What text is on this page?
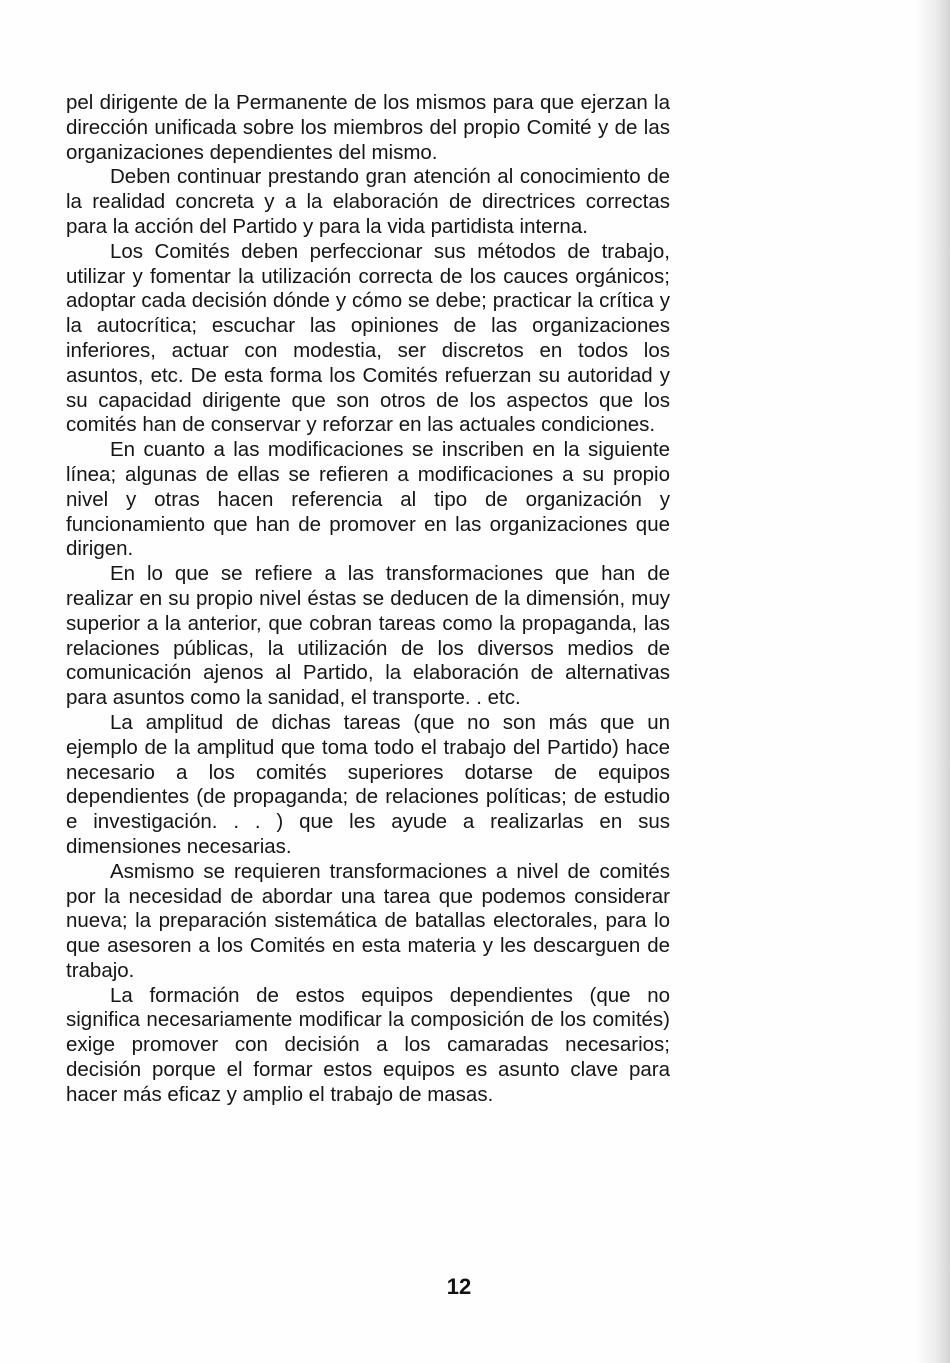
pel dirigente de la Permanente de los mismos para que ejerzan la dirección unificada sobre los miembros del propio Comité y de las organizaciones dependientes del mismo.

Deben continuar prestando gran atención al conocimiento de la realidad concreta y a la elaboración de directrices correctas para la acción del Partido y para la vida partidista interna.

Los Comités deben perfeccionar sus métodos de trabajo, utilizar y fomentar la utilización correcta de los cauces orgánicos; adoptar cada decisión dónde y cómo se debe; practicar la crítica y la autocrítica; escuchar las opiniones de las organizaciones inferiores, actuar con modestia, ser discretos en todos los asuntos, etc. De esta forma los Comités refuerzan su autoridad y su capacidad dirigente que son otros de los aspectos que los comités han de conservar y reforzar en las actuales condiciones.

En cuanto a las modificaciones se inscriben en la siguiente línea; algunas de ellas se refieren a modificaciones a su propio nivel y otras hacen referencia al tipo de organización y funcionamiento que han de promover en las organizaciones que dirigen.

En lo que se refiere a las transformaciones que han de realizar en su propio nivel éstas se deducen de la dimensión, muy superior a la anterior, que cobran tareas como la propaganda, las relaciones públicas, la utilización de los diversos medios de comunicación ajenos al Partido, la elaboración de alternativas para asuntos como la sanidad, el transporte. . etc.

La amplitud de dichas tareas (que no son más que un ejemplo de la amplitud que toma todo el trabajo del Partido) hace necesario a los comités superiores dotarse de equipos dependientes (de propaganda; de relaciones políticas; de estudio e investigación. . . ) que les ayude a realizarlas en sus dimensiones necesarias.

Asmismo se requieren transformaciones a nivel de comités por la necesidad de abordar una tarea que podemos considerar nueva; la preparación sistemática de batallas electorales, para lo que asesoren a los Comités en esta materia y les descarguen de trabajo.

La formación de estos equipos dependientes (que no significa necesariamente modificar la composición de los comités) exige promover con decisión a los camaradas necesarios; decisión porque el formar estos equipos es asunto clave para hacer más eficaz y amplio el trabajo de masas.

12
